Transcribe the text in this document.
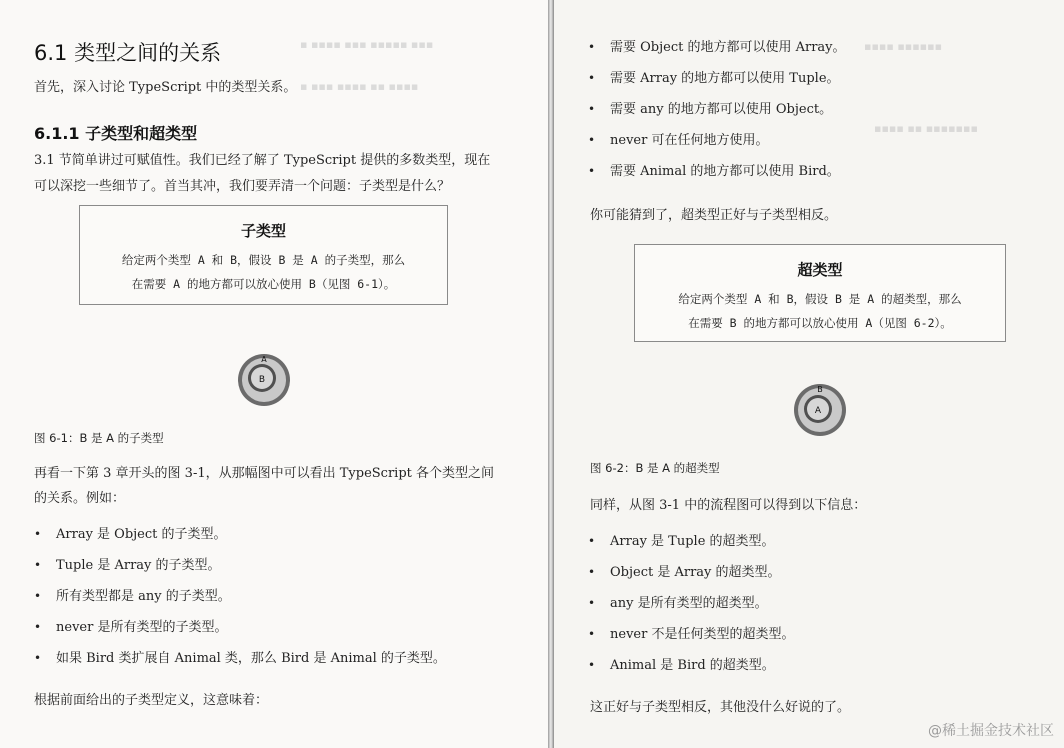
▪ ▪▪▪▪ ▪▪▪ ▪▪▪▪▪ ▪▪▪
▪ ▪▪▪ ▪▪▪▪ ▪▪ ▪▪▪▪
6.1 类型之间的关系
首先，深入讨论 TypeScript 中的类型关系。
6.1.1 子类型和超类型
3.1 节简单讲过可赋值性。我们已经了解了 TypeScript 提供的多数类型，现在
可以深挖一些细节了。首当其冲，我们要弄清一个问题：子类型是什么？
子类型
给定两个类型 A 和 B，假设 B 是 A 的子类型，那么
在需要 A 的地方都可以放心使用 B（见图 6-1）。
A
B
图 6-1：B 是 A 的子类型
再看一下第 3 章开头的图 3-1，从那幅图中可以看出 TypeScript 各个类型之间
的关系。例如：
• Array 是 Object 的子类型。
• Tuple 是 Array 的子类型。
• 所有类型都是 any 的子类型。
• never 是所有类型的子类型。
• 如果 Bird 类扩展自 Animal 类，那么 Bird 是 Animal 的子类型。
根据前面给出的子类型定义，这意味着：
▪▪▪▪ ▪▪▪▪▪▪
▪▪▪▪ ▪▪ ▪▪▪▪▪▪▪
• 需要 Object 的地方都可以使用 Array。
• 需要 Array 的地方都可以使用 Tuple。
• 需要 any 的地方都可以使用 Object。
• never 可在任何地方使用。
• 需要 Animal 的地方都可以使用 Bird。
你可能猜到了，超类型正好与子类型相反。
超类型
给定两个类型 A 和 B，假设 B 是 A 的超类型，那么
在需要 B 的地方都可以放心使用 A（见图 6-2）。
B
A
图 6-2：B 是 A 的超类型
同样，从图 3-1 中的流程图可以得到以下信息：
• Array 是 Tuple 的超类型。
• Object 是 Array 的超类型。
• any 是所有类型的超类型。
• never 不是任何类型的超类型。
• Animal 是 Bird 的超类型。
这正好与子类型相反，其他没什么好说的了。
@稀土掘金技术社区
